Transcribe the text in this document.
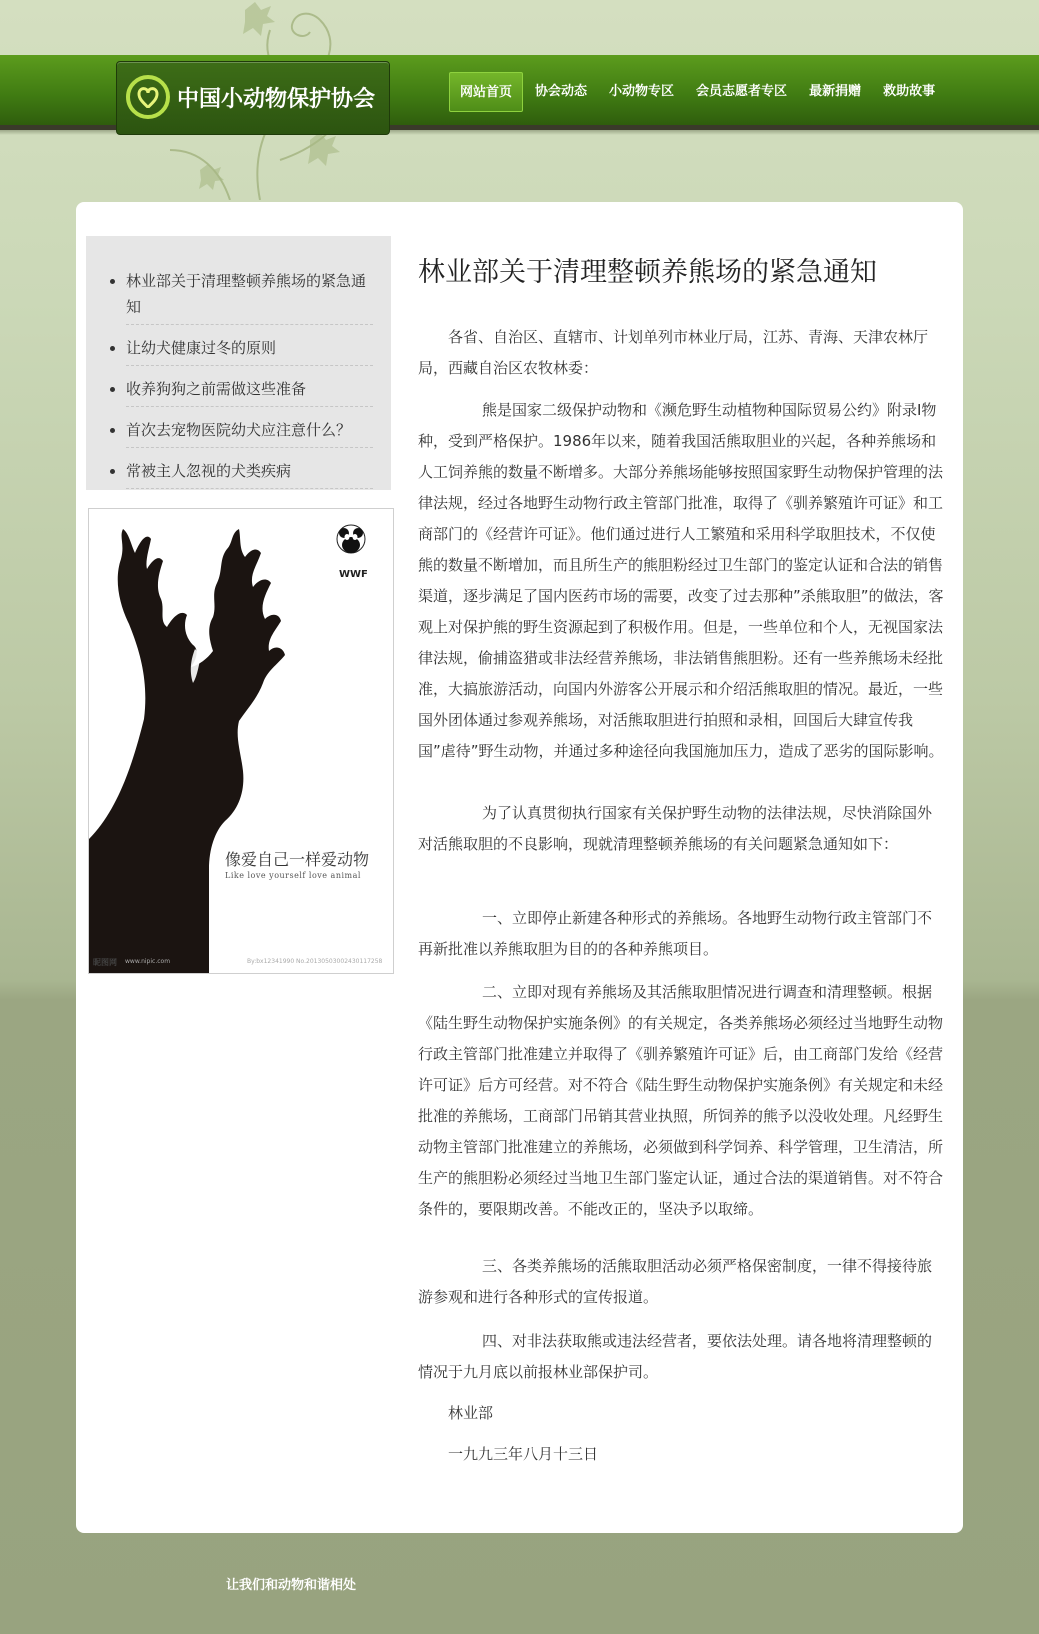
中国小动物保护协会	网站首页	协会动态	小动物专区	会员志愿者专区	最新捐赠	救助故事
• 林业部关于清理整顿养熊场的紧急通知
• 让幼犬健康过冬的原则
• 收养狗狗之前需做这些准备
• 首次去宠物医院幼犬应注意什么？
• 常被主人忽视的犬类疾病
WWF
像爱自己一样爱动物
Like love yourself love animal
昵图网 www.nipic.com	By:bx12341990 No.20130503002430117258
林业部关于清理整顿养熊场的紧急通知

各省、自治区、直辖市、计划单列市林业厅局，江苏、青海、天津农林厅局，西藏自治区农牧林委：

熊是国家二级保护动物和《濒危野生动植物种国际贸易公约》附录Ⅰ物种，受到严格保护。1986年以来，随着我国活熊取胆业的兴起，各种养熊场和人工饲养熊的数量不断增多。大部分养熊场能够按照国家野生动物保护管理的法律法规，经过各地野生动物行政主管部门批准，取得了《驯养繁殖许可证》和工商部门的《经营许可证》。他们通过进行人工繁殖和采用科学取胆技术，不仅使熊的数量不断增加，而且所生产的熊胆粉经过卫生部门的鉴定认证和合法的销售渠道，逐步满足了国内医药市场的需要，改变了过去那种”杀熊取胆”的做法，客观上对保护熊的野生资源起到了积极作用。但是，一些单位和个人，无视国家法律法规，偷捕盗猎或非法经营养熊场，非法销售熊胆粉。还有一些养熊场未经批准，大搞旅游活动，向国内外游客公开展示和介绍活熊取胆的情况。最近，一些国外团体通过参观养熊场，对活熊取胆进行拍照和录相，回国后大肆宣传我国”虐待”野生动物，并通过多种途径向我国施加压力，造成了恶劣的国际影响。

为了认真贯彻执行国家有关保护野生动物的法律法规，尽快消除国外对活熊取胆的不良影响，现就清理整顿养熊场的有关问题紧急通知如下：

一、立即停止新建各种形式的养熊场。各地野生动物行政主管部门不再新批准以养熊取胆为目的的各种养熊项目。

二、立即对现有养熊场及其活熊取胆情况进行调查和清理整顿。根据《陆生野生动物保护实施条例》的有关规定，各类养熊场必须经过当地野生动物行政主管部门批准建立并取得了《驯养繁殖许可证》后，由工商部门发给《经营许可证》后方可经营。对不符合《陆生野生动物保护实施条例》有关规定和未经批准的养熊场，工商部门吊销其营业执照，所饲养的熊予以没收处理。凡经野生动物主管部门批准建立的养熊场，必须做到科学饲养、科学管理，卫生清洁，所生产的熊胆粉必须经过当地卫生部门鉴定认证，通过合法的渠道销售。对不符合条件的，要限期改善。不能改正的，坚决予以取缔。

三、各类养熊场的活熊取胆活动必须严格保密制度，一律不得接待旅游参观和进行各种形式的宣传报道。

四、对非法获取熊或违法经营者，要依法处理。请各地将清理整顿的情况于九月底以前报林业部保护司。

林业部

一九九三年八月十三日

让我们和动物和谐相处
